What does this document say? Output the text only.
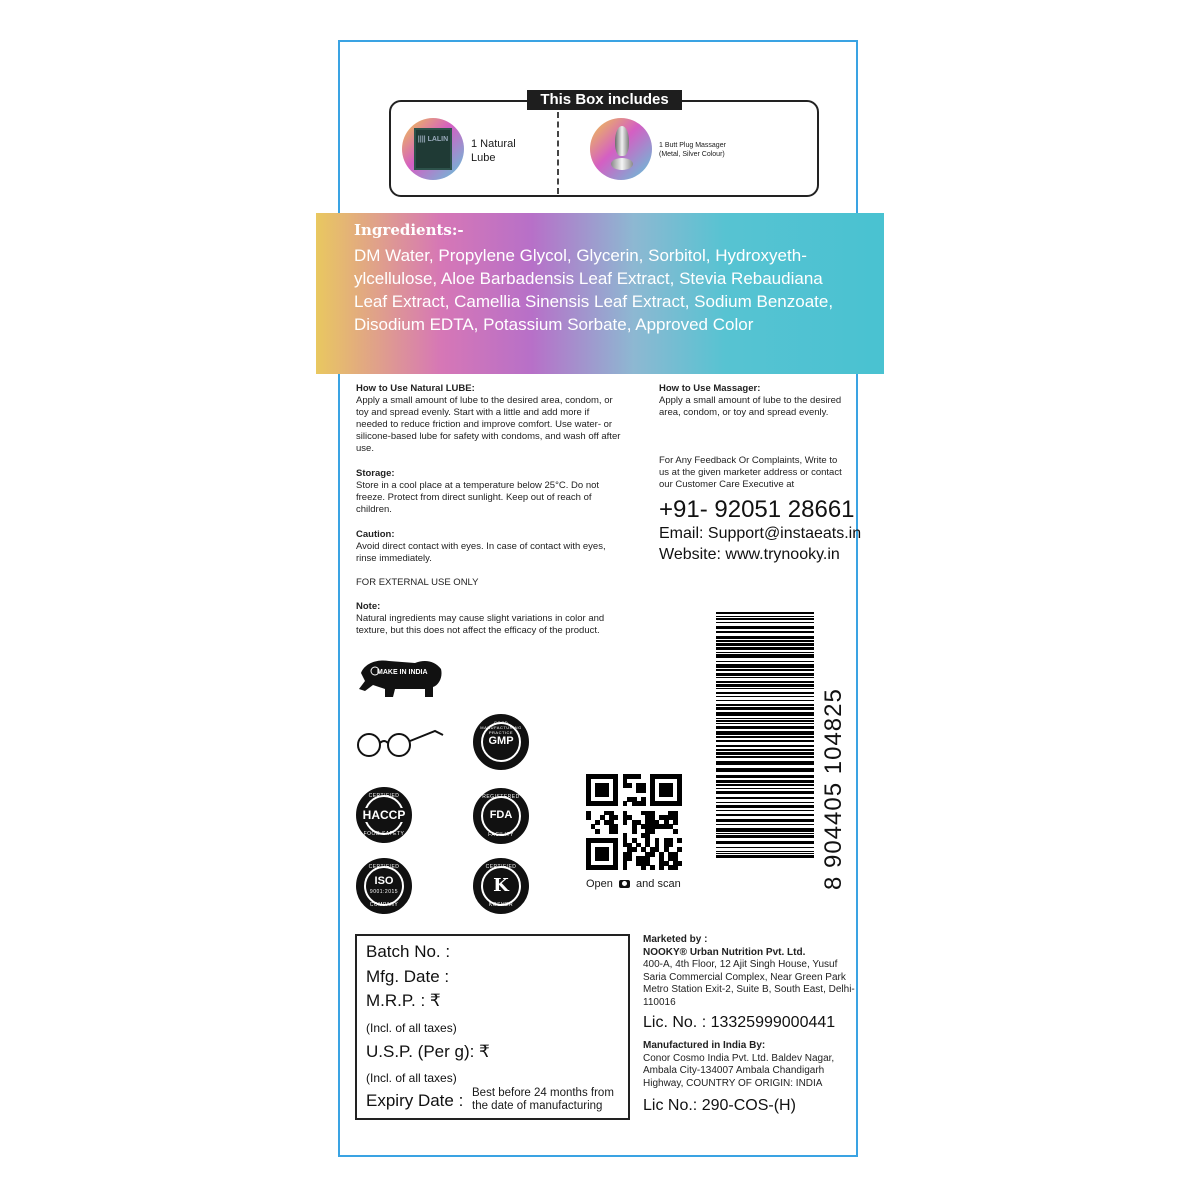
This Box includes
|||| LALIN	1 Natural Lube
1 Butt Plug Massager (Metal, Silver Colour)
Ingredients:-
DM Water, Propylene Glycol, Glycerin, Sorbitol, Hydroxyethylcellulose, Aloe Barbadensis Leaf Extract, Stevia Rebaudiana Leaf Extract, Camellia Sinensis Leaf Extract, Sodium Benzoate, Disodium EDTA, Potassium Sorbate, Approved Color
How to Use Natural LUBE:
Apply a small amount of lube to the desired area, condom, or toy and spread evenly. Start with a little and add more if needed to reduce friction and improve comfort. Use water- or silicone-based lube for safety with condoms, and wash off after use.
Storage:
Store in a cool place at a temperature below 25°C. Do not freeze. Protect from direct sunlight. Keep out of reach of children.
Caution:
Avoid direct contact with eyes. In case of contact with eyes, rinse immediately.
FOR EXTERNAL USE ONLY
Note:
Natural ingredients may cause slight variations in color and texture, but this does not affect the efficacy of the product.
How to Use Massager:
Apply a small amount of lube to the desired area, condom, or toy and spread evenly.
For Any Feedback Or Complaints, Write to us at the given marketer address or contact our Customer Care Executive at
+91- 92051 28661
Email: Support@instaeats.in
Website: www.trynooky.in
MAKE IN INDIA
GMP
GOOD MANUFACTURING PRACTICE
CERTIFIED
HACCP
FOOD SAFETY
REGISTERED
FDA
FACILITY
CERTIFIED
ISO
9001:2015
COMPANY
CERTIFIED
K
KOSHER
Open and scan	8 904405 104825
Batch No. :
Mfg. Date :
M.R.P. : ₹
(Incl. of all taxes)
U.S.P. (Per g): ₹
(Incl. of all taxes)
Expiry Date : Best before 24 months from the date of manufacturing
Marketed by :
NOOKY® Urban Nutrition Pvt. Ltd.
400-A, 4th Floor, 12 Ajit Singh House, Yusuf Saria Commercial Complex, Near Green Park Metro Station Exit-2, Suite B, South East, Delhi-110016
Lic. No. : 13325999000441
Manufactured in India By:
Conor Cosmo India Pvt. Ltd. Baldev Nagar, Ambala City-134007 Ambala Chandigarh Highway, COUNTRY OF ORIGIN: INDIA
Lic No.: 290-COS-(H)
